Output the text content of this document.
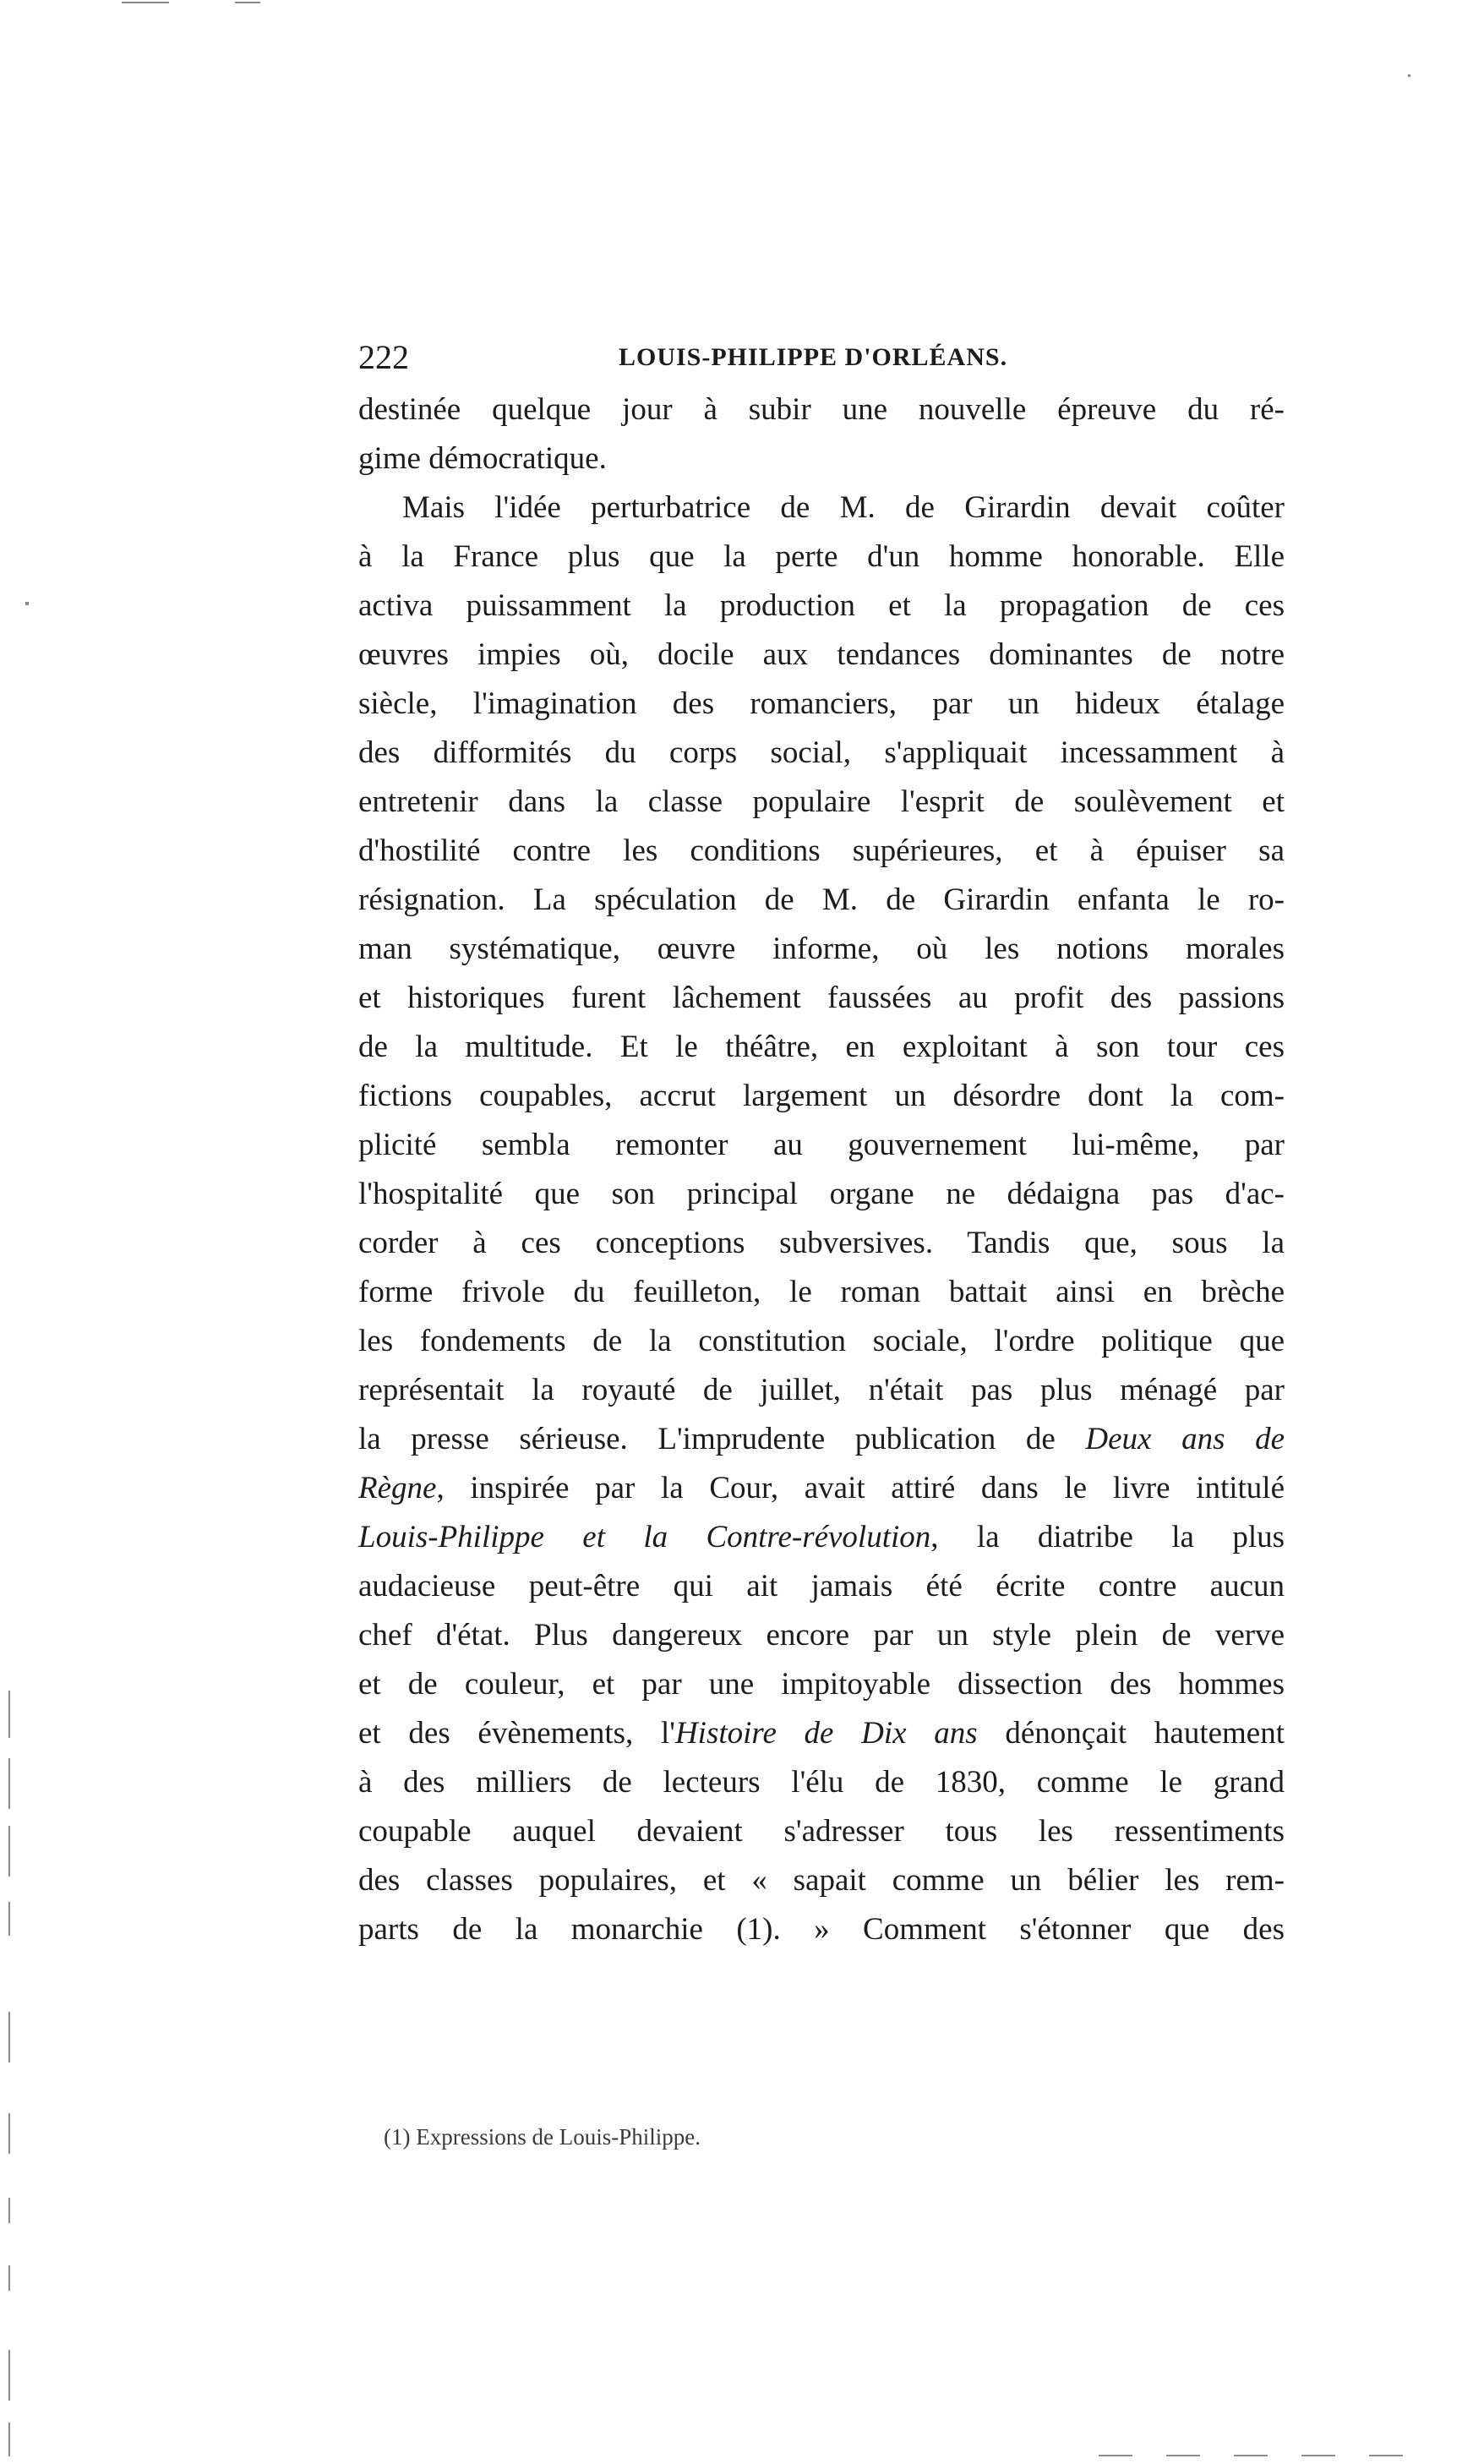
222	LOUIS-PHILIPPE D'ORLÉANS.
destinée quelque jour à subir une nouvelle épreuve du ré-
gime démocratique.
Mais l'idée perturbatrice de M. de Girardin devait coûter
à la France plus que la perte d'un homme honorable. Elle
activa puissamment la production et la propagation de ces
œuvres impies où, docile aux tendances dominantes de notre
siècle, l'imagination des romanciers, par un hideux étalage
des difformités du corps social, s'appliquait incessamment à
entretenir dans la classe populaire l'esprit de soulèvement et
d'hostilité contre les conditions supérieures, et à épuiser sa
résignation. La spéculation de M. de Girardin enfanta le ro-
man systématique, œuvre informe, où les notions morales
et historiques furent lâchement faussées au profit des passions
de la multitude. Et le théâtre, en exploitant à son tour ces
fictions coupables, accrut largement un désordre dont la com-
plicité sembla remonter au gouvernement lui-même, par
l'hospitalité que son principal organe ne dédaigna pas d'ac-
corder à ces conceptions subversives. Tandis que, sous la
forme frivole du feuilleton, le roman battait ainsi en brèche
les fondements de la constitution sociale, l'ordre politique que
représentait la royauté de juillet, n'était pas plus ménagé par
la presse sérieuse. L'imprudente publication de Deux ans de
Règne, inspirée par la Cour, avait attiré dans le livre intitulé
Louis-Philippe et la Contre-révolution, la diatribe la plus
audacieuse peut-être qui ait jamais été écrite contre aucun
chef d'état. Plus dangereux encore par un style plein de verve
et de couleur, et par une impitoyable dissection des hommes
et des évènements, l'Histoire de Dix ans dénonçait hautement
à des milliers de lecteurs l'élu de 1830, comme le grand
coupable auquel devaient s'adresser tous les ressentiments
des classes populaires, et « sapait comme un bélier les rem-
parts de la monarchie (1). » Comment s'étonner que des
(1) Expressions de Louis-Philippe.
